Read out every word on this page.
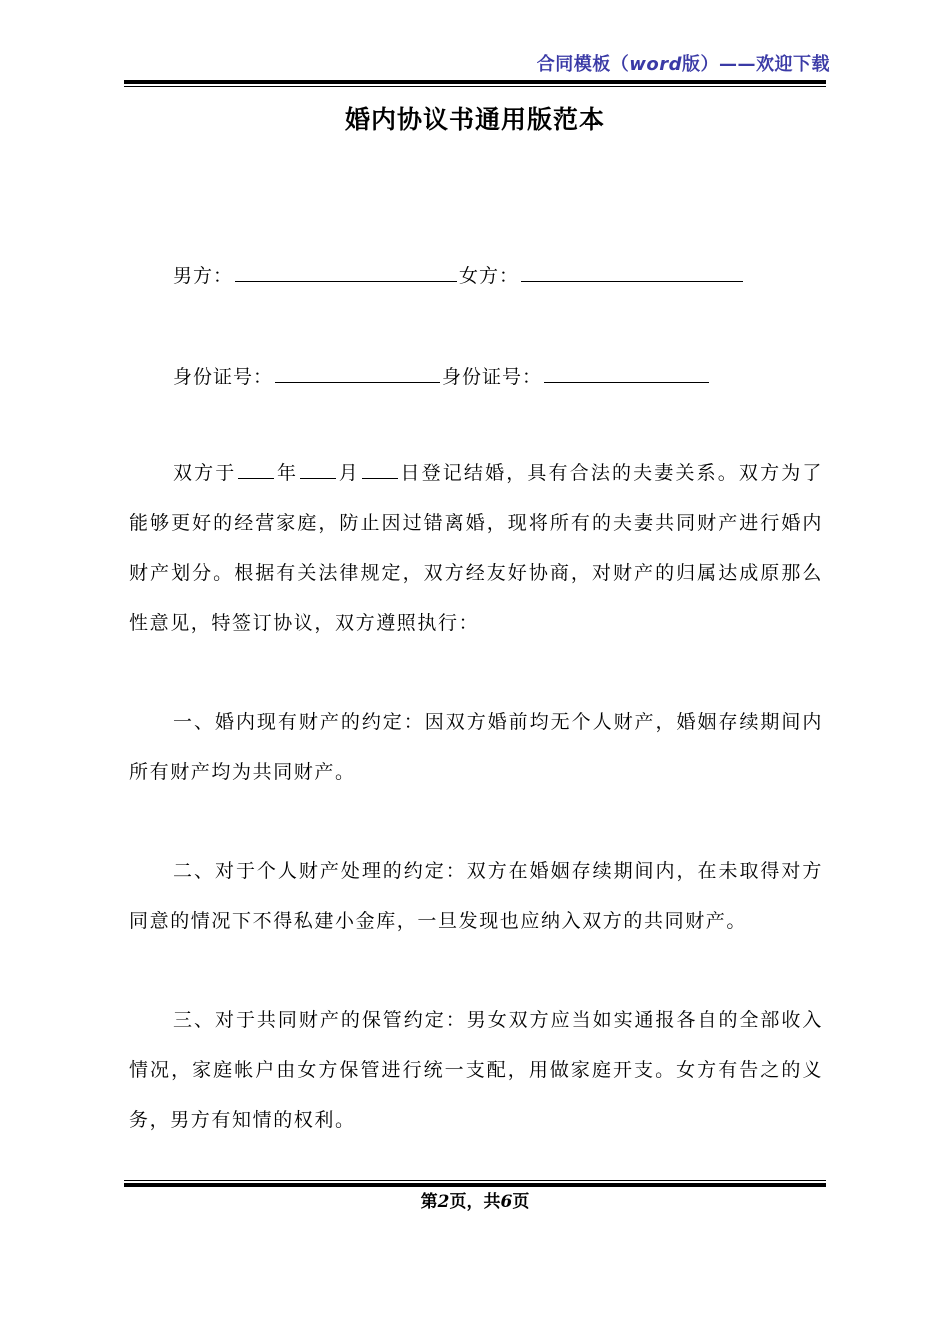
合同模板（word版）——欢迎下载
婚内协议书通用版范本
男方：	女方：
身份证号：	身份证号：
双方于 年 月 日登记结婚，具有合法的夫妻关系。双方为了能够更好的经营家庭，防止因过错离婚，现将所有的夫妻共同财产进行婚内财产划分。根据有关法律规定，双方经友好协商，对财产的归属达成原那么性意见，特签订协议，双方遵照执行：
一、婚内现有财产的约定：因双方婚前均无个人财产，婚姻存续期间内所有财产均为共同财产。
二、对于个人财产处理的约定：双方在婚姻存续期间内，在未取得对方同意的情况下不得私建小金库，一旦发现也应纳入双方的共同财产。
三、对于共同财产的保管约定：男女双方应当如实通报各自的全部收入情况，家庭帐户由女方保管进行统一支配，用做家庭开支。女方有告之的义务，男方有知情的权利。
第2页，共6页
